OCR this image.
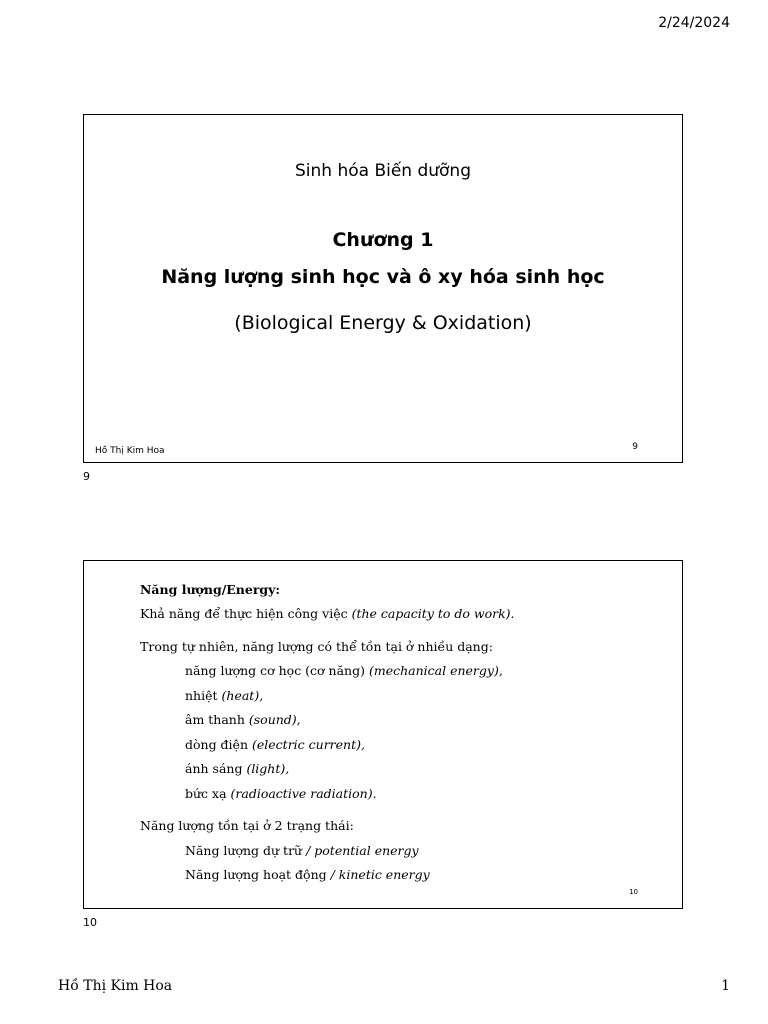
2/24/2024
Sinh hóa Biến dưỡng
Chương 1
Năng lượng sinh học và ô xy hóa sinh học
(Biological Energy & Oxidation)
Hồ Thị Kim Hoa	9
9
Năng lượng/Energy:
Khả năng để thực hiện công việc (the capacity to do work).
Trong tự nhiên, năng lượng có thể tồn tại ở nhiều dạng:
năng lượng cơ học (cơ năng) (mechanical energy),
nhiệt (heat),
âm thanh (sound),
dòng điện (electric current),
ánh sáng (light),
bức xạ (radioactive radiation).
Năng lượng tồn tại ở 2 trạng thái:
Năng lượng dự trữ / potential energy
Năng lượng hoạt động / kinetic energy
10
10
Hồ Thị Kim Hoa	1
